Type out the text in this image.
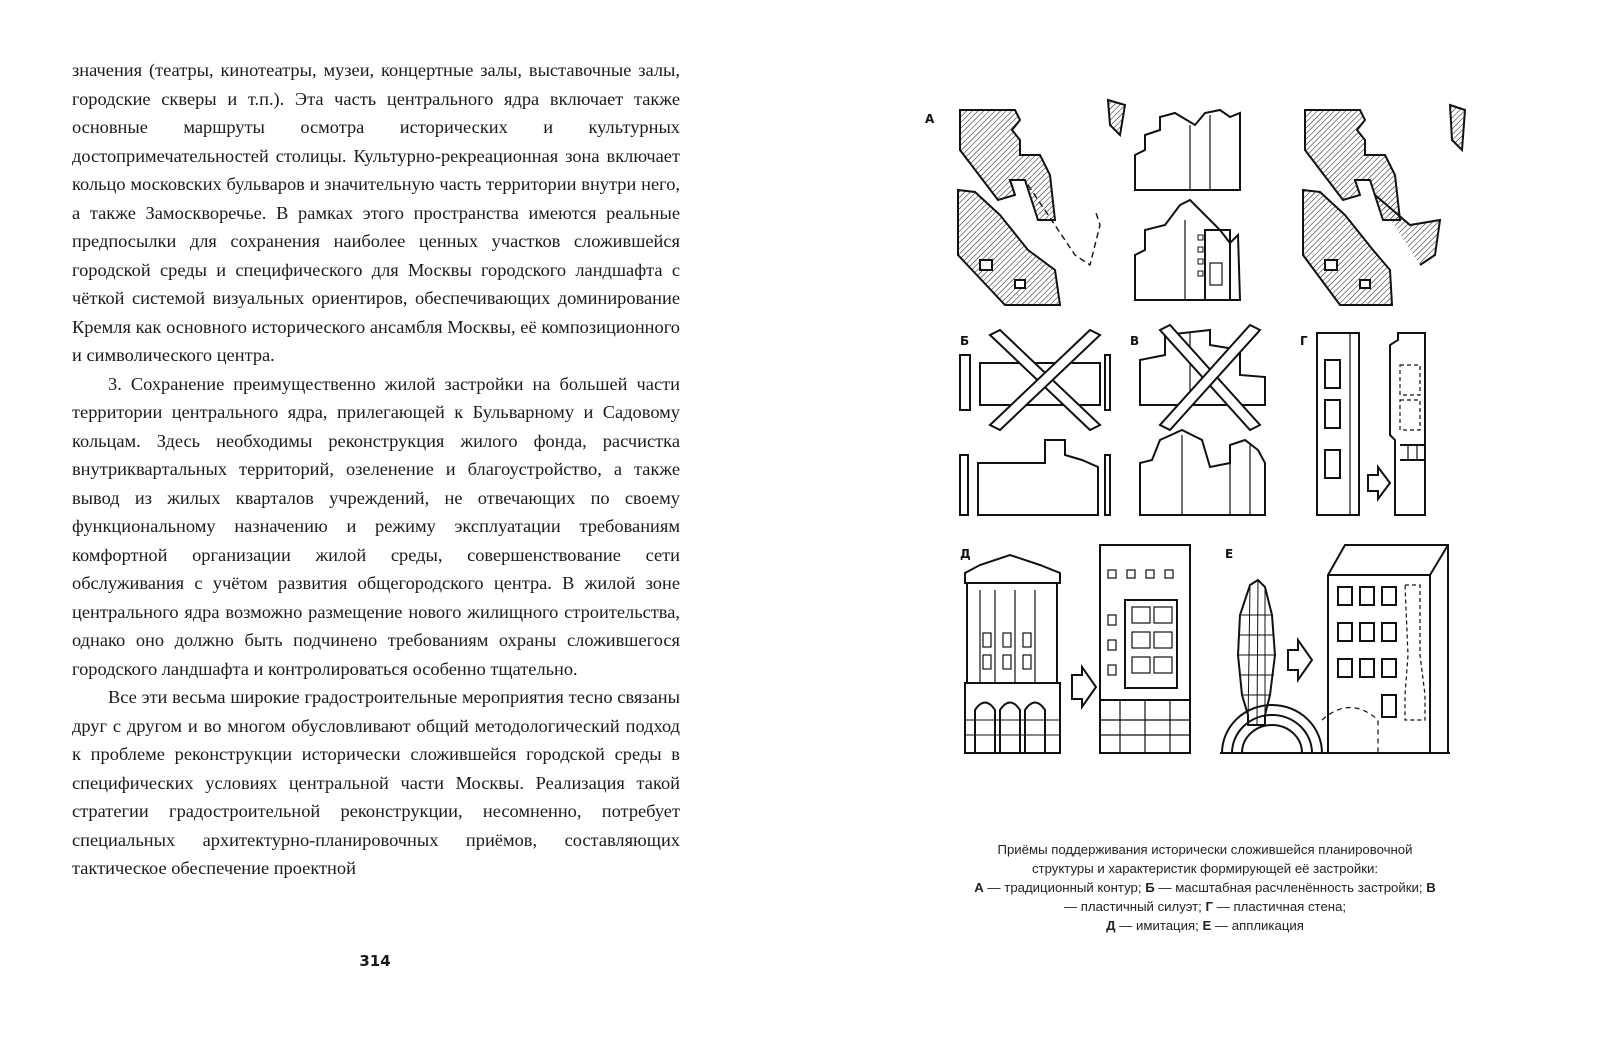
значения (театры, кинотеатры, музеи, концертные залы, выставочные залы, городские скверы и т.п.). Эта часть центрального ядра включает также основные маршруты осмотра исторических и культурных достопримечательностей столицы. Культурно-рекреационная зона включает кольцо московских бульваров и значительную часть территории внутри него, а также Замоскворечье. В рамках этого пространства имеются реальные предпосылки для сохранения наиболее ценных участков сложившейся городской среды и специфического для Москвы городского ландшафта с чёткой системой визуальных ориентиров, обеспечивающих доминирование Кремля как основного исторического ансамбля Москвы, её композиционного и символического центра.

3. Сохранение преимущественно жилой застройки на большей части территории центрального ядра, прилегающей к Бульварному и Садовому кольцам. Здесь необходимы реконструкция жилого фонда, расчистка внутриквартальных территорий, озеленение и благоустройство, а также вывод из жилых кварталов учреждений, не отвечающих по своему функциональному назначению и режиму эксплуатации требованиям комфортной организации жилой среды, совершенствование сети обслуживания с учётом развития общегородского центра. В жилой зоне центрального ядра возможно размещение нового жилищного строительства, однако оно должно быть подчинено требованиям охраны сложившегося городского ландшафта и контролироваться особенно тщательно.

Все эти весьма широкие градостроительные мероприятия тесно связаны друг с другом и во многом обусловливают общий методологический подход к проблеме реконструкции исторически сложившейся городской среды в специфических условиях центральной части Москвы. Реализация такой стратегии градостроительной реконструкции, несомненно, потребует специальных архитектурно-планировочных приёмов, составляющих тактическое обеспечение проектной

314
А
Б	В	Г
Д	Е
Приёмы поддерживания исторически сложившейся планировочной структуры и характеристик формирующей её застройки:
А — традиционный контур; Б — масштабная расчленённость застройки; В — пластичный силуэт; Г — пластичная стена;
Д — имитация; Е — аппликация
